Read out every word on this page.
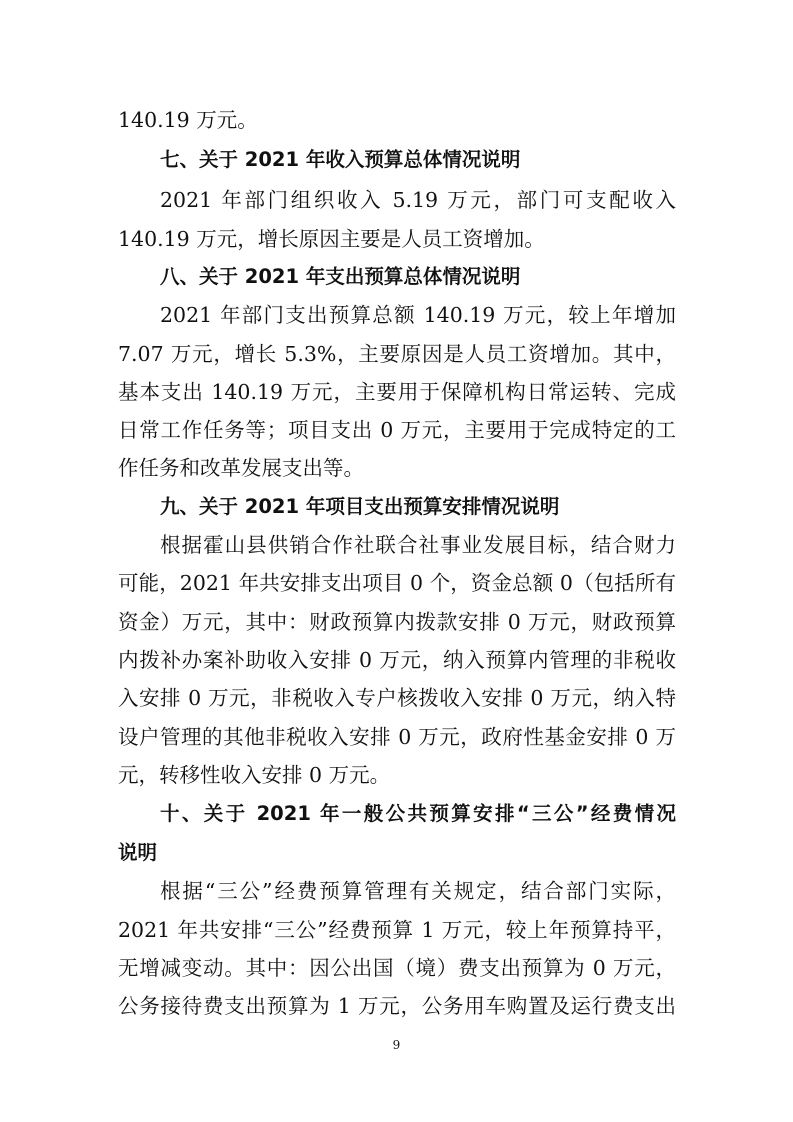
140.19 万元。
七、关于 2021 年收入预算总体情况说明
2021 年部门组织收入 5.19 万元，部门可支配收入
140.19 万元，增长原因主要是人员工资增加。
八、关于 2021 年支出预算总体情况说明
2021 年部门支出预算总额 140.19 万元，较上年增加
7.07 万元，增长 5.3%，主要原因是人员工资增加。其中，
基本支出 140.19 万元，主要用于保障机构日常运转、完成
日常工作任务等；项目支出 0 万元，主要用于完成特定的工
作任务和改革发展支出等。
九、关于 2021 年项目支出预算安排情况说明
根据霍山县供销合作社联合社事业发展目标，结合财力
可能，2021 年共安排支出项目 0 个，资金总额 0（包括所有
资金）万元，其中：财政预算内拨款安排 0 万元，财政预算
内拨补办案补助收入安排 0 万元，纳入预算内管理的非税收
入安排 0 万元，非税收入专户核拨收入安排 0 万元，纳入特
设户管理的其他非税收入安排 0 万元，政府性基金安排 0 万
元，转移性收入安排 0 万元。
十、关于 2021 年一般公共预算安排“三公”经费情况
说明
根据“三公”经费预算管理有关规定，结合部门实际，
2021 年共安排“三公”经费预算 1 万元，较上年预算持平，
无增减变动。其中：因公出国（境）费支出预算为 0 万元，
公务接待费支出预算为 1 万元，公务用车购置及运行费支出
9
